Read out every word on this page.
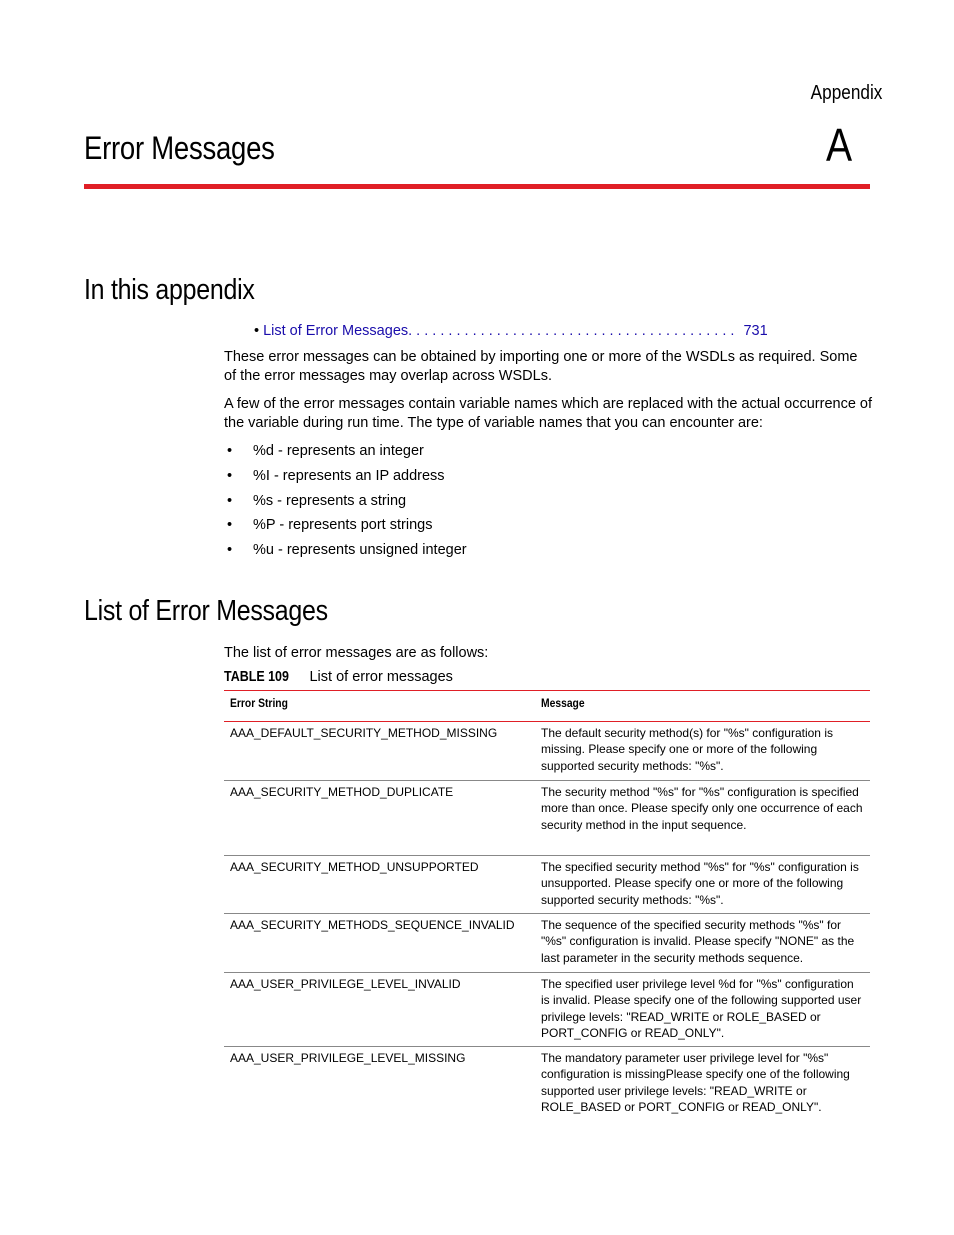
Appendix
A
Error Messages
In this appendix
• List of Error Messages. . . . . . . . . . . . . . . . . . . . . . . . . . . . . . . . . . . . . . . . . 731

These error messages can be obtained by importing one or more of the WSDLs as required. Some of the error messages may overlap across WSDLs.

A few of the error messages contain variable names which are replaced with the actual occurrence of the variable during run time. The type of variable names that you can encounter are:

• %d - represents an integer
• %I - represents an IP address
• %s - represents a string
• %P - represents port strings
• %u - represents unsigned integer
List of Error Messages

The list of error messages are as follows:

TABLE 109 List of error messages
Error String	Message
AAA_DEFAULT_SECURITY_METHOD_MISSING	The default security method(s) for "%s" configuration is missing. Please specify one or more of the following supported security methods: "%s".
AAA_SECURITY_METHOD_DUPLICATE	The security method "%s" for "%s" configuration is specified more than once. Please specify only one occurrence of each security method in the input sequence.
AAA_SECURITY_METHOD_UNSUPPORTED	The specified security method "%s" for "%s" configuration is unsupported. Please specify one or more of the following supported security methods: "%s".
AAA_SECURITY_METHODS_SEQUENCE_INVALID	The sequence of the specified security methods "%s" for "%s" configuration is invalid. Please specify "NONE" as the last parameter in the security methods sequence.
AAA_USER_PRIVILEGE_LEVEL_INVALID	The specified user privilege level %d for "%s" configuration is invalid. Please specify one of the following supported user privilege levels: "READ_WRITE or ROLE_BASED or PORT_CONFIG or READ_ONLY".
AAA_USER_PRIVILEGE_LEVEL_MISSING	The mandatory parameter user privilege level for "%s" configuration is missingPlease specify one of the following supported user privilege levels: "READ_WRITE or ROLE_BASED or PORT_CONFIG or READ_ONLY".
